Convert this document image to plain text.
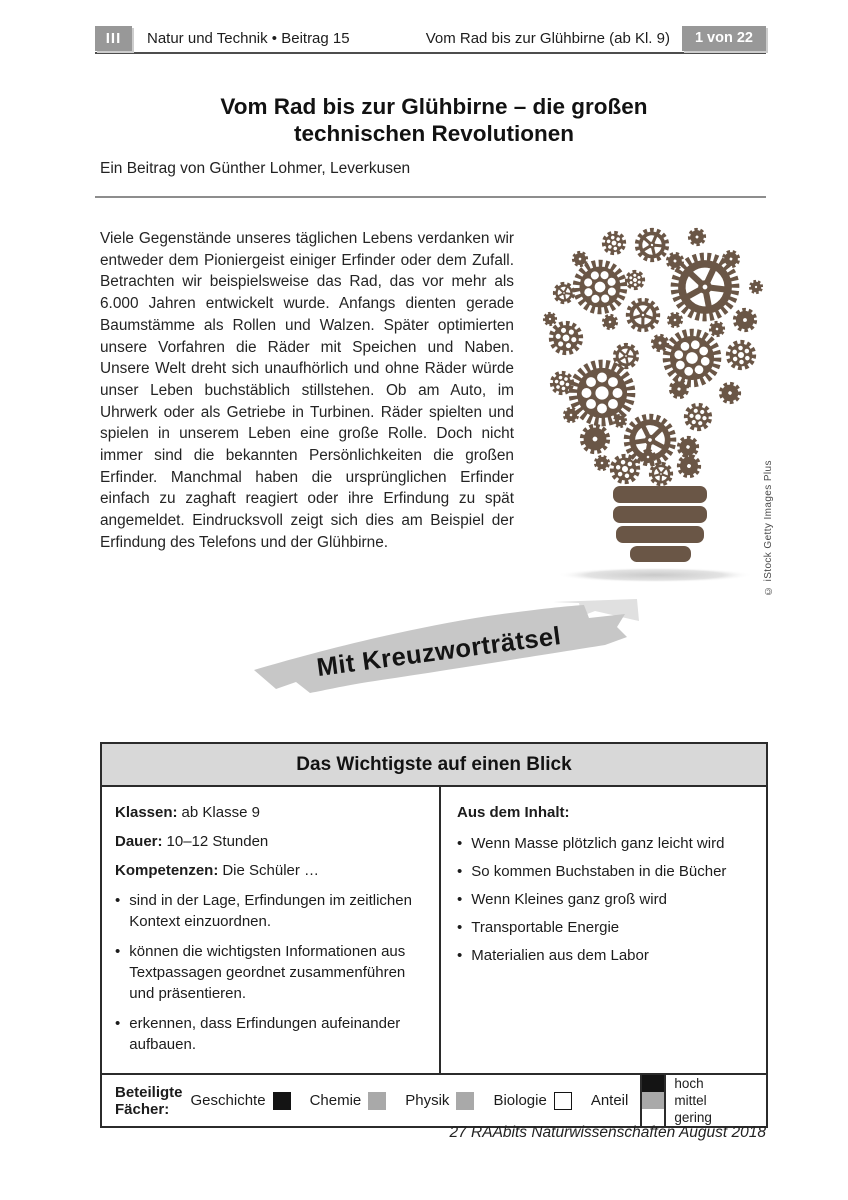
III	Natur und Technik • Beitrag 15	Vom Rad bis zur Glühbirne (ab Kl. 9)	1 von 22
Vom Rad bis zur Glühbirne – die großen
technischen Revolutionen
Ein Beitrag von Günther Lohmer, Leverkusen
Viele Gegenstände unseres täglichen Lebens verdanken wir entweder dem Pioniergeist einiger Erfinder oder dem Zufall. Betrachten wir beispielsweise das Rad, das vor mehr als 6.000 Jahren entwickelt wurde. Anfangs dienten gerade Baumstämme als Rollen und Walzen. Später optimierten unsere Vorfahren die Räder mit Speichen und Naben. Unsere Welt dreht sich unaufhörlich und ohne Räder würde unser Leben buchstäblich stillstehen. Ob am Auto, im Uhrwerk oder als Getriebe in Turbinen. Räder spielten und spielen in unserem Leben eine große Rolle. Doch nicht immer sind die bekannten Persönlichkeiten die großen Erfinder. Manchmal haben die ursprünglichen Erfinder einfach zu zaghaft reagiert oder ihre Erfindung zu spät angemeldet. Eindrucksvoll zeigt sich dies am Beispiel der Erfindung des Telefons und der Glühbirne.	© iStock Getty Images Plus
Mit Kreuzworträtsel
Das Wichtigste auf einen Blick
Klassen: ab Klasse 9
Dauer: 10–12 Stunden
Kompetenzen: Die Schüler …
• sind in der Lage, Erfindungen im zeitlichen Kontext einzuordnen.
• können die wichtigsten Informationen aus Textpassagen geordnet zusammenführen und präsentieren.
• erkennen, dass Erfindungen aufeinander aufbauen.
Aus dem Inhalt:
• Wenn Masse plötzlich ganz leicht wird
• So kommen Buchstaben in die Bücher
• Wenn Kleines ganz groß wird
• Transportable Energie
• Materialien aus dem Labor
Beteiligte Fächer:	Geschichte	Chemie	Physik	Biologie	Anteil
hoch
mittel
gering
27 RAAbits Naturwissenschaften August 2018
